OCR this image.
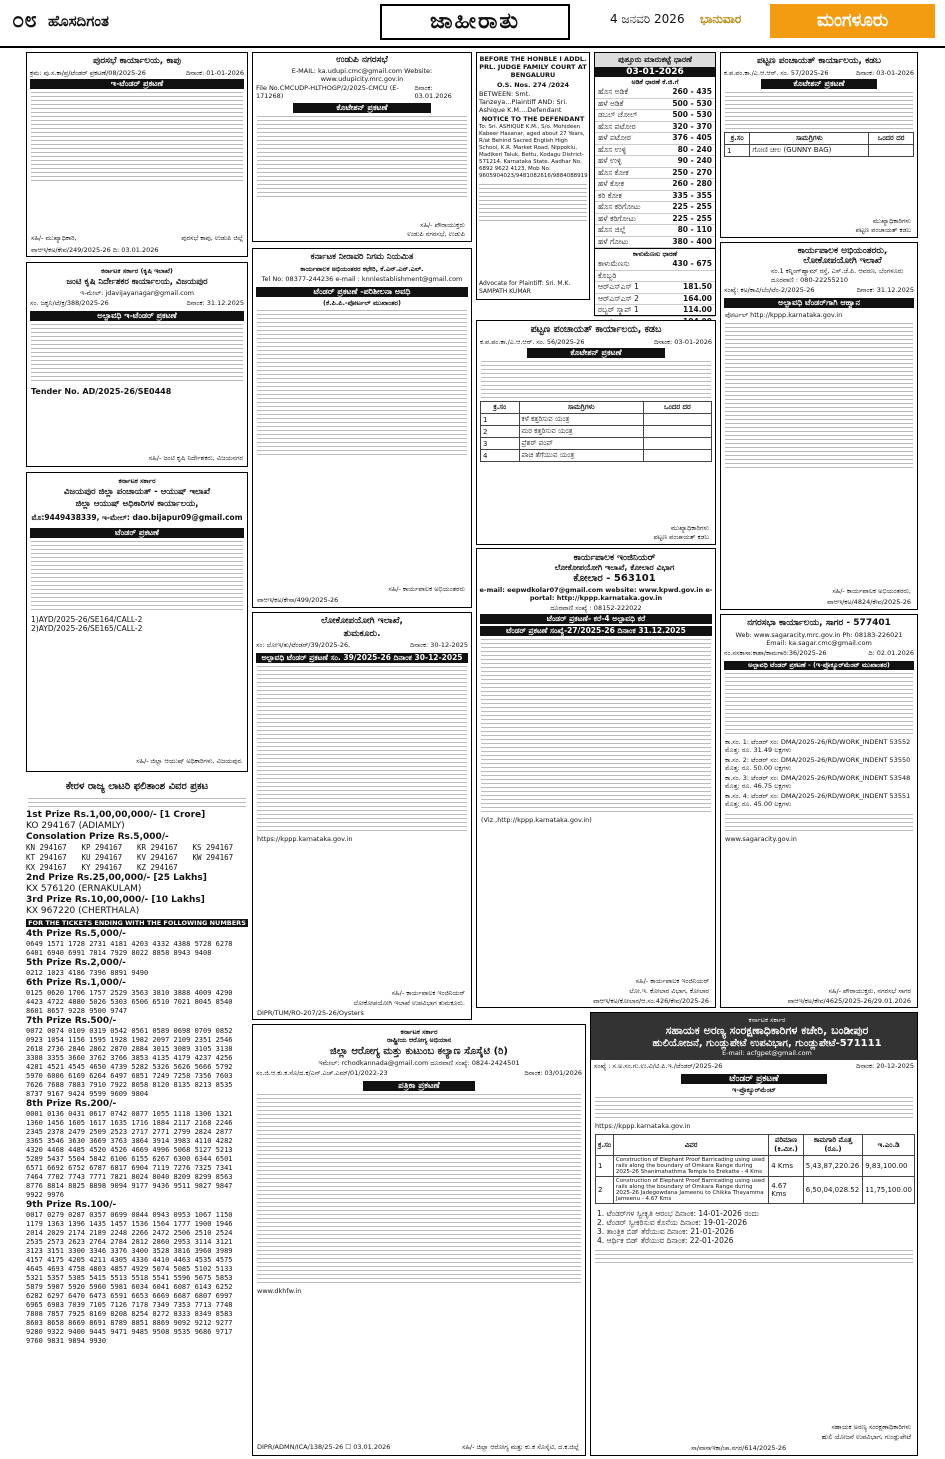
೦೮ ಹೊಸದಿಗಂತ	ಜಾಹೀರಾತು	4 ಜನವರಿ 2026 ಭಾನುವಾರ	ಮಂಗಳೂರು
ಪುರಸಭೆ ಕಾರ್ಯಾಲಯ, ಕಾಪು
ಕ್ರಮ: ಪು.ಸ.ಕಾ/ಪ್ರ/ಟೆಂಡರ್ ಪ್ರಕಟಣೆ/08/2025-26	ದಿನಾಂಕ: 01-01-2026
ಇ-ಟೆಂಡರ್ ಪ್ರಕಟಣೆ
ಸಹಿ/- ಮುಖ್ಯಾಧಿಕಾರಿ,	ಪುರಸಭೆ ಕಾಪು, ಉಡುಪಿ ಜಿಲ್ಲೆ
ವಾಆಇ/ಕಅ/ಕೇವ/249/2025-26 ದಿ: 03.01.2026
ಕರ್ನಾಟಕ ಸರ್ಕಾರ (ಕೃಷಿ ಇಲಾಖೆ)
ಜಂಟಿ ಕೃಷಿ ನಿರ್ದೇಶಕರ ಕಾರ್ಯಾಲಯ, ವಿಜಯಪುರ
ಇ-ಮೇಲ್: jdavijayanagar@gmail.com
ಸಂ. ಜಕೃನಿ/ಟೆ/ಕ್ರ/388/2025-26	ದಿನಾಂಕ: 31.12.2025
ಅಲ್ಪಾವಧಿ ಇ-ಟೆಂಡರ್ ಪ್ರಕಟಣೆ
Tender No. AD/2025-26/SE0448
ಸಹಿ/- ಜಂಟಿ ಕೃಷಿ ನಿರ್ದೇಶಕರು, ವಿಜಯನಗರ
ಕರ್ನಾಟಕ ಸರ್ಕಾರ
ವಿಜಯಪುರ ಜಿಲ್ಲಾ ಪಂಚಾಯತ್ - ಆಯುಷ್ ಇಲಾಖೆ
ಜಿಲ್ಲಾ ಆಯುಷ್ ಅಧಿಕಾರಿಗಳ ಕಾರ್ಯಾಲಯ,
ಮೊ:9449438339, ಇ-ಮೇಲ್: dao.bijapur09@gmail.com
ಟೆಂಡರ್ ಪ್ರಕಟಣೆ
1)AYD/2025-26/SE164/CALL-2
2)AYD/2025-26/SE165/CALL-2
ಸಹಿ/- ಜಿಲ್ಲಾ ಆಯುಷ್ ಅಧಿಕಾರಿಗಳು, ವಿಜಯಪುರ.
ಕೇರಳ ರಾಜ್ಯ ಲಾಟರಿ ಫಲಿತಾಂಶ ವಿವರ ಪ್ರಕಟ
1st Prize Rs.1,00,00,000/- [1 Crore]
KO 294167 (ADIAMLY)
Consolation Prize Rs.5,000/-
KN 294167	KP 294167	KR 294167	KS 294167
KT 294167	KU 294167	KV 294167	KW 294167
KX 294167	KY 294167	KZ 294167
2nd Prize Rs.25,00,000/- [25 Lakhs]
KX 576120 (ERNAKULAM)
3rd Prize Rs.10,00,000/- [10 Lakhs]
KX 967220 (CHERTHALA)
FOR THE TICKETS ENDING WITH THE FOLLOWING NUMBERS
4th Prize Rs.5,000/-
0649 1571 1728 2731 4181 4203 4332 4388 5728 6278 6401 6940 6991 7814 7929 8022 8858 8943 9408
5th Prize Rs.2,000/-
0212 1023 4186 7396 8891 9490
6th Prize Rs.1,000/-
0125 0620 1706 1757 2529 3563 3810 3888 4009 4290 4423 4722 4880 5026 5303 6506 6510 7021 8045 8540 8601 8657 9228 9500 9747
7th Prize Rs.500/-
0072 0074 0109 0319 0542 0561 0589 0698 0709 0852 0923 1054 1156 1595 1928 1982 2097 2109 2351 2546 2618 2736 2846 2862 2870 2884 3015 3089 3105 3138 3308 3355 3660 3762 3766 3853 4135 4179 4237 4256 4281 4521 4545 4650 4739 5282 5326 5626 5666 5792 5970 6006 6169 6264 6497 6851 7249 7258 7356 7603 7626 7688 7883 7910 7922 8058 8120 8135 8213 8535 8737 9167 9424 9599 9609 9804
8th Prize Rs.200/-
0001 0136 0431 0617 0742 0877 1055 1118 1306 1321 1360 1456 1605 1617 1635 1716 1884 2117 2168 2246 2345 2378 2479 2509 2523 2717 2771 2799 2824 2877 3365 3546 3630 3669 3763 3864 3914 3983 4110 4282 4320 4468 4485 4520 4526 4669 4996 5068 5127 5213 5289 5437 5504 5842 6106 6155 6267 6300 6344 6501 6571 6692 6752 6787 6817 6904 7119 7276 7325 7341 7464 7702 7743 7771 7821 8024 8040 8209 8299 8563 8776 8814 8825 8898 9094 9177 9436 9511 9827 9847 9922 9976
9th Prize Rs.100/-
0017 0279 0287 0357 0699 0844 0943 0953 1067 1150 1179 1363 1396 1435 1457 1536 1564 1777 1900 1946 2014 2029 2174 2189 2248 2266 2472 2506 2510 2524 2535 2573 2623 2764 2784 2812 2860 2953 3114 3121 3123 3151 3300 3346 3376 3400 3528 3816 3960 3989 4157 4175 4205 4211 4305 4336 4410 4463 4535 4575 4645 4693 4758 4803 4857 4929 5074 5085 5102 5133 5321 5357 5385 5415 5513 5518 5541 5596 5675 5853 5879 5907 5920 5960 5981 6034 6041 6087 6143 6252 6282 6297 6470 6473 6591 6653 6669 6687 6807 6997 6965 6983 7039 7105 7126 7178 7349 7353 7713 7748 7808 7857 7925 8169 8208 8254 8272 8333 8349 8583 8603 8658 8669 8691 8789 8851 8869 9092 9212 9277 9280 9322 9400 9445 9471 9485 9508 9535 9686 9717 9760 9831 9894 9930
ಉಡುಪಿ ನಗರಸಭೆ
E-MAIL: ka.udupi.cmc@gmail.com Website: www.udupicity.mrc.gov.in
File No.CMCUDP-HLTHOGP/2/2025-CMCU (E-171268)
ದಿನಾಂಕ: 03.01.2026
ಕೊಟೇಶನ್ ಪ್ರಕಟಣೆ
ಸಹಿ/- ಪೌರಾಯುಕ್ತರು
ಉಡುಪಿ ನಗರಸಭೆ, ಉಡುಪಿ
BEFORE THE HONBLE I ADDL. PRL. JUDGE FAMILY COURT AT BENGALURU
O.S. Nos. 274 /2024
BETWEEN: Smt. Tanzeya...Plaintiff AND: Sri. Ashique K.M....Defendant
NOTICE TO THE DEFENDANT
To: Sri. ASHIQUE K.M., S/o. Mohideen Kabeer Hasanar, aged about 27 Years, R/at Behind Sacred English High School, K.R. Market Road, Nippoklu, Madikeri Taluk, Bettu, Kodagu District-571214, Karnataka State. Aadhar No. 6892 9622 4123, Mob No: 9605904023/9481082616/9884088919
Advocate for Plaintiff: Sri. M.K. SAMPATH KUMAR
ಪುತ್ತೂರು ಮಾರುಕಟ್ಟೆ ಧಾರಣೆ
03-01-2026
ಅಡಿಕೆ ಧಾರಣೆ ಕೆ.ಜಿ.ಗೆ
ಹೊಸ ಅಡಿಕೆ	260 - 435
ಹಳೆ ಅಡಿಕೆ	500 - 530
ಡಬಲ್ ಚೋಲ್	500 - 530
ಹೊಸ ಪಟೋರ	320 - 370
ಹಳೆ ಪಟೋರ	376 - 405
ಹೊಸ ಉಳ್ಳಿ	80 - 240
ಹಳೆ ಉಳ್ಳಿ	90 - 240
ಹೊಸ ಕೋಕ	250 - 270
ಹಳೆ ಕೋಕ	260 - 280
ಕರಿ ಕೋಕ	335 - 355
ಹೊಸ ಕರಿಗೋಟು	225 - 255
ಹಳೆ ಕರಿಗೋಟು	225 - 255
ಹೊಸ ಜಿಲ್ಲೆ	80 - 110
ಹಳೆ ಗೋಟು	380 - 400
ಕಾಳುಮೆಣಸು ಧಾರಣೆ
ಕಾಳುಮೆಣಸು	430 - 675
ಕೊಬ್ಬರಿ
ಆರ್‌ಎಸ್‌ಎಸ್ 1	181.50
ಆರ್‌ಎಸ್‌ಎಸ್ 2	164.00
ರಬ್ಬರ್ ಸ್ಕ್ರಾಪ್ 1	114.00
ಪಟ್ಟಣ ಪಂಚಾಯತ್ ಕಾರ್ಯಾಲಯ, ಕಡಬ
ಕ.ಪ.ಪಂ.ಕಾ./ಎ.ಆ.ಆರ್. ಸಂ. 57/2025-26	ದಿನಾಂಕ: 03-01-2026
ಕೊಟೇಶನ್ ಪ್ರಕಟಣೆ
ಕ್ರ.ಸಂ	ಸಾಮಗ್ರಿಗಳು	ಒಂದರ ದರ
1	ಗೋಣಿ ಚೀಲ (GUNNY BAG)	
ಮುಖ್ಯಾಧಿಕಾರಿಗಳು
ಪಟ್ಟಣ ಪಂಚಾಯತ್ ಕಡಬ
ಕರ್ನಾಟಕ ನೀರಾವರಿ ನಿಗಮ ನಿಯಮಿತ
ಕಾರ್ಯಪಾಲಕ ಅಭಿಯಂತರರ ಕಛೇರಿ, ಕೆ.ಎನ್.ಎನ್.ಎಲ್.
Tel No: 08377-244236 e-mail : knnlestablishment@gmail.com
ಟೆಂಡರ್ ಪ್ರಕಟಣೆ -ಪರಿಶೀಲನಾ ಅವಧಿ
(ಕೆ.ಪಿ.ಪಿ.-ಪೋರ್ಟಲ್ ಮುಖಾಂತರ)
ಸಹಿ/- ಕಾರ್ಯಪಾಲಕ ಅಭಿಯಂತರರು
ವಾಆಇ/ಕಅ/ಕೇಸಾ/499/2025-26
ಪಟ್ಟಣ ಪಂಚಾಯತ್ ಕಾರ್ಯಾಲಯ, ಕಡಬ
ಕ.ಪ.ಪಂ.ಕಾ./ಎ.ಆ.ಆರ್. ಸಂ. 56/2025-26	ದಿನಾಂಕ: 03-01-2026
ಕೊಟೇಶನ್ ಪ್ರಕಟಣೆ
ಕ್ರ.ಸಂ	ಸಾಮಗ್ರಿಗಳು	ಒಂದರ ದರ
1	ಕಳೆ ಕತ್ತರಿಸುವ ಯಂತ್ರ	
2	ಮರ ಕತ್ತರಿಸುವ ಯಂತ್ರ	
3	ಪ್ರೆಶರ್ ಪಂಪ್	
4	ಪಾಚಿ ತೆಗೆಯುವ ಯಂತ್ರ	
ಮುಖ್ಯಾಧಿಕಾರಿಗಳು
ಪಟ್ಟಣ ಪಂಚಾಯತ್ ಕಡಬ
ಕಾರ್ಯಪಾಲಕ ಅಭಿಯಂತರರು,
ಲೋಕೋಪಯೋಗಿ ಇಲಾಖೆ
ನಂ.1 ಕನ್ನಿಂಗ್‌ಹ್ಯಾಮ್ ರಸ್ತೆ, ಎಸ್.ಜೆ.ಪಿ. ಆವರಣ, ಬೆಂಗಳೂರು
ದೂರವಾಣಿ : 080-22255210
ಸಂಖ್ಯೆ: ಕಅ/ಕಾವಿ/ಬೆಂ/ಟೆಂ-2/2025-26	ದಿನಾಂಕ: 31.12.2025
ಅಲ್ಪಾವಧಿ ಟೆಂಡರ್‌ಗಾಗಿ ಆಹ್ವಾನ
ಪೋರ್ಟಲ್ http://kppp.karnataka.gov.in
ಸಹಿ/- ಕಾರ್ಯಪಾಲಕ ಅಭಿಯಂತರರು,
ವಾಆಇ/ಕಅ/4824/ಕೇವ/2025-26
ಲೋಕೋಪಯೋಗಿ ಇಲಾಖೆ,
ತುಮಕೂರು.
ಸಂ: ಲೋಇ/ತು/ಟೆಂಡರ್/39/2025-26,	ದಿನಾಂಕ: 30-12-2025
ಅಲ್ಪಾವಧಿ ಟೆಂಡರ್ ಪ್ರಕಟಣೆ ಸಂ. 39/2025-26 ದಿನಾಂಕ 30-12-2025
https://kppp.karnataka.gov.in
ಸಹಿ/- ಕಾರ್ಯಪಾಲಕ ಇಂಜಿನಿಯರ್
ಲೋಕೋಪಯೋಗಿ ಇಲಾಖೆ ಉಪವಿಭಾಗ ತುಮಕೂರು.
DIPR/TUM/RO-207/25-26/Oysters
ಕಾರ್ಯಪಾಲಕ ಇಂಜಿನಿಯರ್
ಲೋಕೋಪಯೋಗಿ ಇಲಾಖೆ, ಕೋಲಾರ ವಿಭಾಗ
ಕೋಲಾರ - 563101
e-mail: eepwdkolar07@gmail.com website: www.kpwd.gov.in e-portal: http://kppp.karnataka.gov.in
ದೂರವಾಣಿ ಸಂಖ್ಯೆ : 08152-222022
ಟೆಂಡರ್ ಪ್ರಕಟಣೆ- ಕರೆ-4 ಅಲ್ಪಾವಧಿ ಕರೆ
ಟೆಂಡರ್ ಪ್ರಕಟಣೆ ಸಂಖ್ಯೆ-27/2025-26 ದಿನಾಂಕ 31.12.2025
(Viz.,http://kppp.karnataka.gov.in)
ಸಹಿ/- ಕಾರ್ಯಪಾಲಕ ಇಂಜಿನಿಯರ್
ಲೋ.ಇ. ಕೋಲಾರ ವಿಭಾಗ, ಕೋಲಾರ
ವಾಆಇ/ಕಅ/ಕೋಲಾರ/ಆ.ಸಂ.426/ಕೇವ/2025-26
ನಗರಸಭಾ ಕಾರ್ಯಾಲಯ, ಸಾಗರ - 577401
Web: www.sagaracity.mrc.gov.in Ph: 08183-226021
Email: ka.sagar.cmc@gmail.com
ನಂ.ನಸಕಾಸಾ:ಕಾಶಾ/ಕಾಮಗಾರಿ:36/2025-26	ದಿ: 02.01.2026
ಅಲ್ಪಾವಧಿ ಟೆಂಡರ್ ಪ್ರಕಟಣೆ - (ಇ-ಪ್ರೊಕ್ಯೂರ್‌ಮೆಂಟ್ ಮುಖಾಂತರ)
ಕಾ.ಸಂ. 1: ಟೆಂಡರ್ ಸಂ: DMA/2025-26/RD/WORK_INDENT 53552 ಮೊತ್ತ: ರೂ. 31.49 ಲಕ್ಷಗಳು
ಕಾ.ಸಂ. 2: ಟೆಂಡರ್ ಸಂ: DMA/2025-26/RD/WORK_INDENT 53550 ಮೊತ್ತ: ರೂ. 50.00 ಲಕ್ಷಗಳು
ಕಾ.ಸಂ. 3: ಟೆಂಡರ್ ಸಂ: DMA/2025-26/RD/WORK_INDENT 53548 ಮೊತ್ತ: ರೂ. 46.75 ಲಕ್ಷಗಳು
ಕಾ.ಸಂ. 4: ಟೆಂಡರ್ ಸಂ: DMA/2025-26/RD/WORK_INDENT 53551 ಮೊತ್ತ: ರೂ. 45.00 ಲಕ್ಷಗಳು
www.sagaracity.gov.in
ಸಹಿ/- ಪೌರಾಯುಕ್ತರು, ನಗರಸಭೆ ಸಾಗರ
ವಾಆಇ/ಕಅ/ಕೇವ/4625/2025-26/29.01.2026
ಕರ್ನಾಟಕ ಸರ್ಕಾರ
ರಾಷ್ಟ್ರೀಯ ಆರೋಗ್ಯ ಅಭಿಯಾನ
ಜಿಲ್ಲಾ ಆರೋಗ್ಯ ಮತ್ತು ಕುಟುಂಬ ಕಲ್ಯಾಣ ಸೊಸೈಟಿ (ರಿ)
ಇಮೇಲ್: rchodkannada@gmail.com ದೂರವಾಣಿ ಸಂಖ್ಯೆ: 0824-2424501
ಸಂ.ಜಿ.ಆ.ಕು.ಕ.ಸೊ/ದ.ಕ/ಎನ್.ಎಚ್.ಎಮ್/01/2022-23	ದಿನಾಂಕ: 03/01/2026
ಪತ್ರಿಕಾ ಪ್ರಕಟಣೆ
www.dkhfw.in
ಸಹಿ/- ಜಿಲ್ಲಾ ಆರೋಗ್ಯ ಮತ್ತು ಕು.ಕ ಸೊಸೈಟಿ, ದ.ಕ.ಜಿಲ್ಲೆ
DIPR/ADMN/ICA/138/25-26 ☐ 03.01.2026
ಕರ್ನಾಟಕ ಸರ್ಕಾರ
ಸಹಾಯಕ ಅರಣ್ಯ ಸಂರಕ್ಷಣಾಧಿಕಾರಿಗಳ ಕಚೇರಿ, ಬಂಡೀಪುರ
ಹುಲಿಯೋಜನೆ, ಗುಂಡ್ಲುಪೇಟೆ ಉಪವಿಭಾಗ, ಗುಂಡ್ಲುಪೇಟೆ-571111
E-mail: acfgpet@gmail.com
ಸಂಖ್ಯೆ : ಸ.ಅ.ಸಂ.ಗು.ಉ.ವಿ/ಟಿ.ಪಿ.ಇ./ಟೆಂಡರ್/2025-26	ದಿನಾಂಕ: 20-12-2025
ಟೆಂಡರ್ ಪ್ರಕಟಣೆ
ಇ-ಪ್ರೊಕ್ಯೂರ್‌ಮೆಂಟ್
https://kppp.karnataka.gov.in
ಕ್ರ.ಸಂ	ವಿವರ	ಪರಿಮಾಣ (ಕಿ.ಮೀ.)	ಕಾಮಗಾರಿ ಮೊತ್ತ (ರೂ.)	ಇ.ಎಂ.ಡಿ
1	Construction of Elephant Proof Barricading using used rails along the boundary of Omkara Range during 2025-26 Shanimahathma Temple to Erekatte - 4 Kms	4 Kms	5,43,87,220.26	9,83,100.00
2	Construction of Elephant Proof Barricading using used rails along the boundary of Omkara Range during 2025-26 Jadegowdana Jameenu to Chikka Thayamma Jameenu - 4.67 Kms	4.67 Kms	6,50,04,028.52	11,75,100.00
1. ಟೆಂಡರ್‌ಗಳ ಸ್ವೀಕೃತಿ ಆರಂಭ ದಿನಾಂಕ: 14-01-2026 ರಂದು
2. ಟೆಂಡರ್ ಸ್ವೀಕರಿಸುವ ಕೊನೆಯ ದಿನಾಂಕ: 19-01-2026
3. ತಾಂತ್ರಿಕ ಬಿಡ್ ತೆರೆಯುವ ದಿನಾಂಕ: 21-01-2026
4. ಆರ್ಥಿಕ ಬಿಡ್ ತೆರೆಯುವ ದಿನಾಂಕ: 22-01-2026
ಸಹಾಯಕ ಅರಣ್ಯ ಸಂರಕ್ಷಣಾಧಿಕಾರಿಗಳು
ಹುಲಿ ಯೋಜನೆ ಉಪವಿಭಾಗ, ಗುಂಡ್ಲುಪೇಟೆ
ಸಾ/ವಾಸಾಇಕಾ/ಚಾ.ನಗರ/614/2025-26
